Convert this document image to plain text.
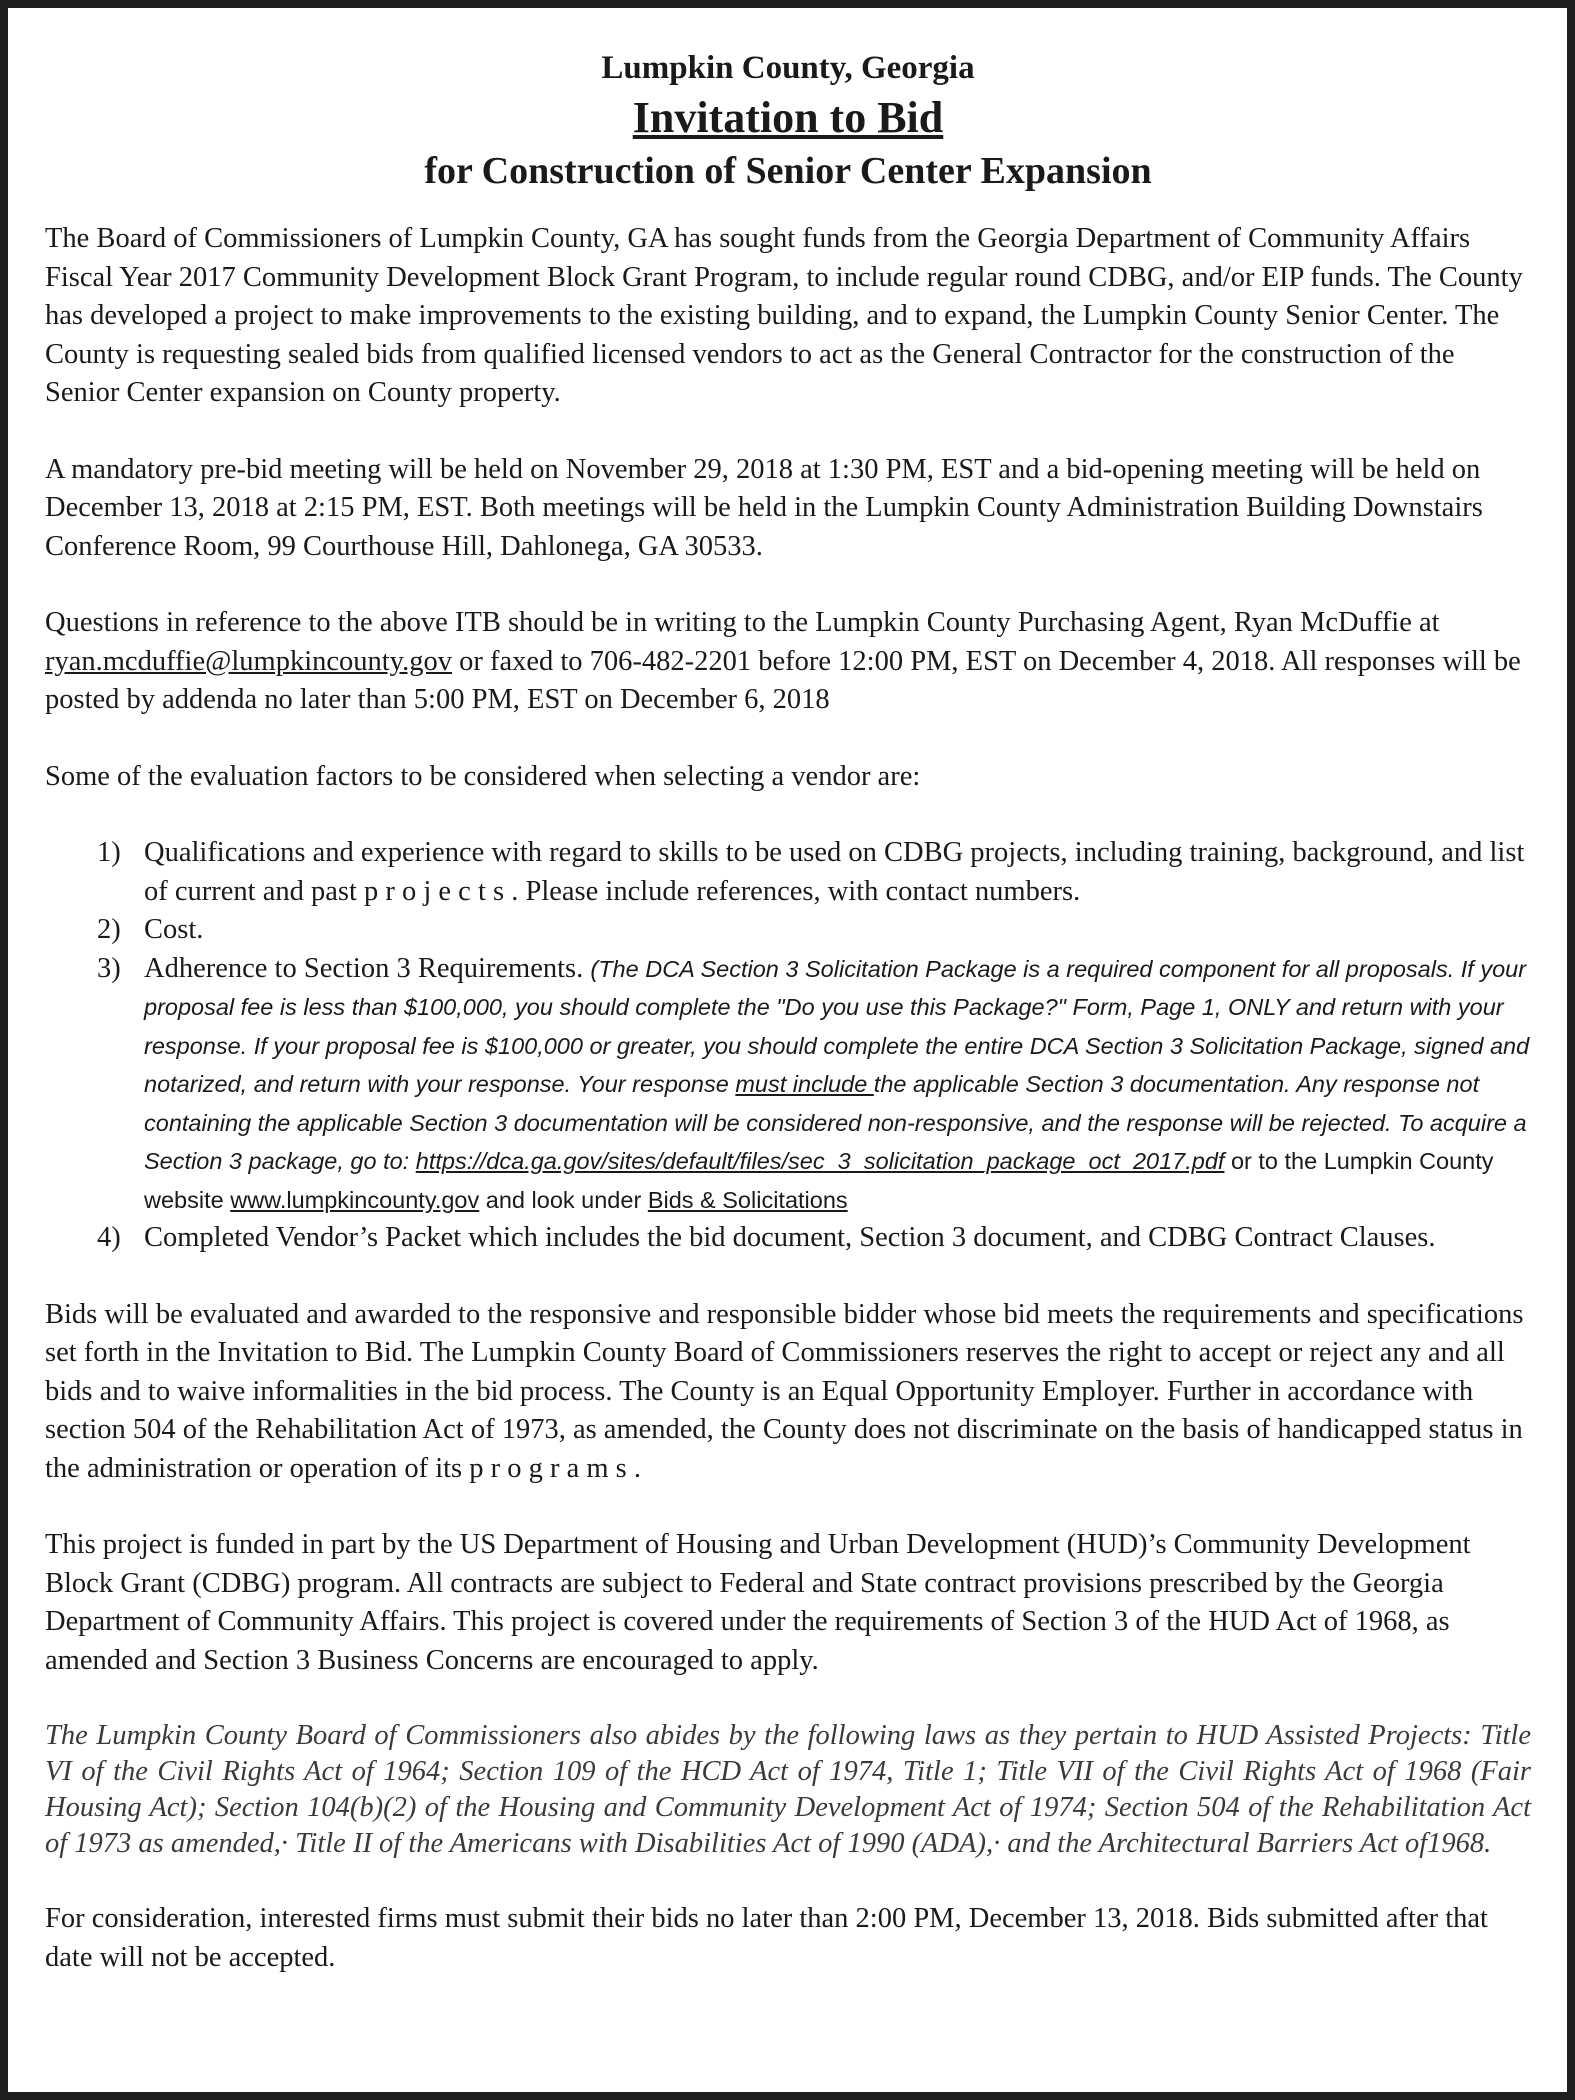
Lumpkin County, Georgia
Invitation to Bid
for Construction of Senior Center Expansion

The Board of Commissioners of Lumpkin County, GA has sought funds from the Georgia Department of Community Affairs Fiscal Year 2017 Community Development Block Grant Program, to include regular round CDBG, and/or EIP funds. The County has developed a project to make improvements to the existing building, and to expand, the Lumpkin County Senior Center. The County is requesting sealed bids from qualified licensed vendors to act as the General Contractor for the construction of the Senior Center expansion on County property.

A mandatory pre-bid meeting will be held on November 29, 2018 at 1:30 PM, EST and a bid-opening meeting will be held on December 13, 2018 at 2:15 PM, EST. Both meetings will be held in the Lumpkin County Administration Building Downstairs Conference Room, 99 Courthouse Hill, Dahlonega, GA 30533.

Questions in reference to the above ITB should be in writing to the Lumpkin County Purchasing Agent, Ryan McDuffie at ryan.mcduffie@lumpkincounty.gov or faxed to 706-482-2201 before 12:00 PM, EST on December 4, 2018. All responses will be posted by addenda no later than 5:00 PM, EST on December 6, 2018

Some of the evaluation factors to be considered when selecting a vendor are:

1) Qualifications and experience with regard to skills to be used on CDBG projects, including training, background, and list of current and past p r o j e c t s . Please include references, with contact numbers.
2) Cost.
3) Adherence to Section 3 Requirements. (The DCA Section 3 Solicitation Package is a required component for all proposals. If your proposal fee is less than $100,000, you should complete the "Do you use this Package?" Form, Page 1, ONLY and return with your response. If your proposal fee is $100,000 or greater, you should complete the entire DCA Section 3 Solicitation Package, signed and notarized, and return with your response. Your response must include the applicable Section 3 documentation. Any response not containing the applicable Section 3 documentation will be considered non-responsive, and the response will be rejected. To acquire a Section 3 package, go to: https://dca.ga.gov/sites/default/files/sec_3_solicitation_package_oct_2017.pdf or to the Lumpkin County website www.lumpkincounty.gov and look under Bids & Solicitations
4) Completed Vendor’s Packet which includes the bid document, Section 3 document, and CDBG Contract Clauses.

Bids will be evaluated and awarded to the responsive and responsible bidder whose bid meets the requirements and specifications set forth in the Invitation to Bid. The Lumpkin County Board of Commissioners reserves the right to accept or reject any and all bids and to waive informalities in the bid process. The County is an Equal Opportunity Employer. Further in accordance with section 504 of the Rehabilitation Act of 1973, as amended, the County does not discriminate on the basis of handicapped status in the administration or operation of its p r o g r a m s .

This project is funded in part by the US Department of Housing and Urban Development (HUD)’s Community Development Block Grant (CDBG) program. All contracts are subject to Federal and State contract provisions prescribed by the Georgia Department of Community Affairs. This project is covered under the requirements of Section 3 of the HUD Act of 1968, as amended and Section 3 Business Concerns are encouraged to apply.

The Lumpkin County Board of Commissioners also abides by the following laws as they pertain to HUD Assisted Projects: Title VI of the Civil Rights Act of 1964; Section 109 of the HCD Act of 1974, Title 1; Title VII of the Civil Rights Act of 1968 (Fair Housing Act); Section 104(b)(2) of the Housing and Community Development Act of 1974; Section 504 of the Rehabilitation Act of 1973 as amended,· Title II of the Americans with Disabilities Act of 1990 (ADA),· and the Architectural Barriers Act of1968.

For consideration, interested firms must submit their bids no later than 2:00 PM, December 13, 2018. Bids submitted after that date will not be accepted.
